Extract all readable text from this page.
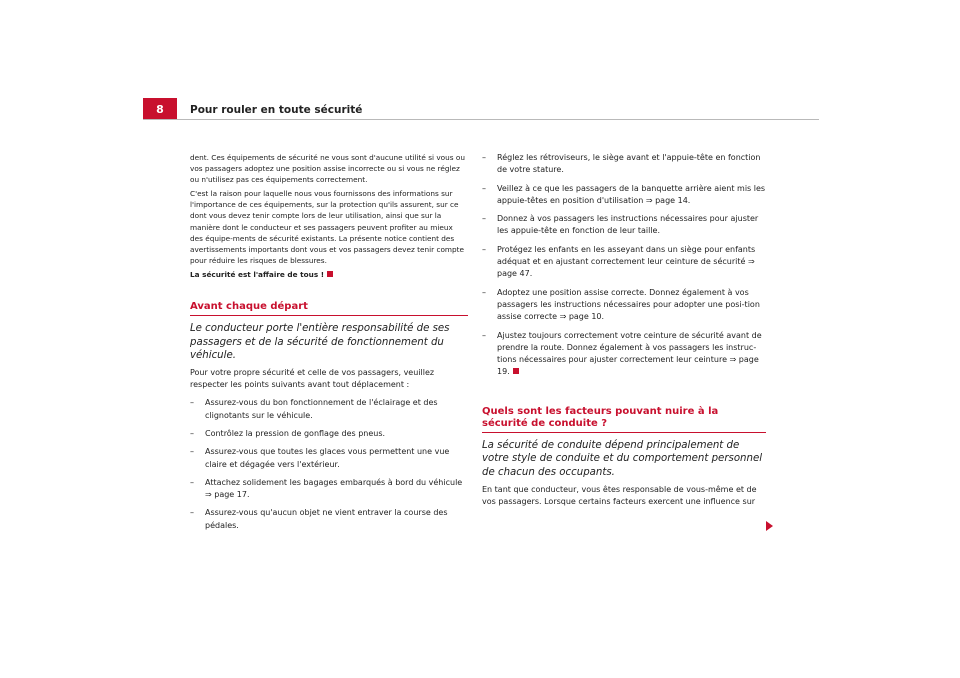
8 Pour rouler en toute sécurité

dent. Ces équipements de sécurité ne vous sont d'aucune utilité si vous ou vos passagers adoptez une position assise incorrecte ou si vous ne réglez ou n'utilisez pas ces équipements correctement.

C'est la raison pour laquelle nous vous fournissons des informations sur l'importance de ces équipements, sur la protection qu'ils assurent, sur ce dont vous devez tenir compte lors de leur utilisation, ainsi que sur la manière dont le conducteur et ses passagers peuvent profiter au mieux des équipe-ments de sécurité existants. La présente notice contient des avertissements importants dont vous et vos passagers devez tenir compte pour réduire les risques de blessures.

La sécurité est l'affaire de tous !

Avant chaque départ

Le conducteur porte l'entière responsabilité de ses passagers et de la sécurité de fonctionnement du véhicule.

Pour votre propre sécurité et celle de vos passagers, veuillez respecter les points suivants avant tout déplacement :

– Assurez-vous du bon fonctionnement de l'éclairage et des clignotants sur le véhicule.
– Contrôlez la pression de gonflage des pneus.
– Assurez-vous que toutes les glaces vous permettent une vue claire et dégagée vers l'extérieur.
– Attachez solidement les bagages embarqués à bord du véhicule ⇒ page 17.
– Assurez-vous qu'aucun objet ne vient entraver la course des pédales.
– Réglez les rétroviseurs, le siège avant et l'appuie-tête en fonction de votre stature.
– Veillez à ce que les passagers de la banquette arrière aient mis les appuie-têtes en position d'utilisation ⇒ page 14.
– Donnez à vos passagers les instructions nécessaires pour ajuster les appuie-tête en fonction de leur taille.
– Protégez les enfants en les asseyant dans un siège pour enfants adéquat et en ajustant correctement leur ceinture de sécurité ⇒ page 47.
– Adoptez une position assise correcte. Donnez également à vos passagers les instructions nécessaires pour adopter une posi-tion assise correcte ⇒ page 10.
– Ajustez toujours correctement votre ceinture de sécurité avant de prendre la route. Donnez également à vos passagers les instruc-tions nécessaires pour ajuster correctement leur ceinture ⇒ page 19.
Quels sont les facteurs pouvant nuire à la sécurité de conduite ?

La sécurité de conduite dépend principalement de votre style de conduite et du comportement personnel de chacun des occupants.

En tant que conducteur, vous êtes responsable de vous-même et de vos passagers. Lorsque certains facteurs exercent une influence sur
